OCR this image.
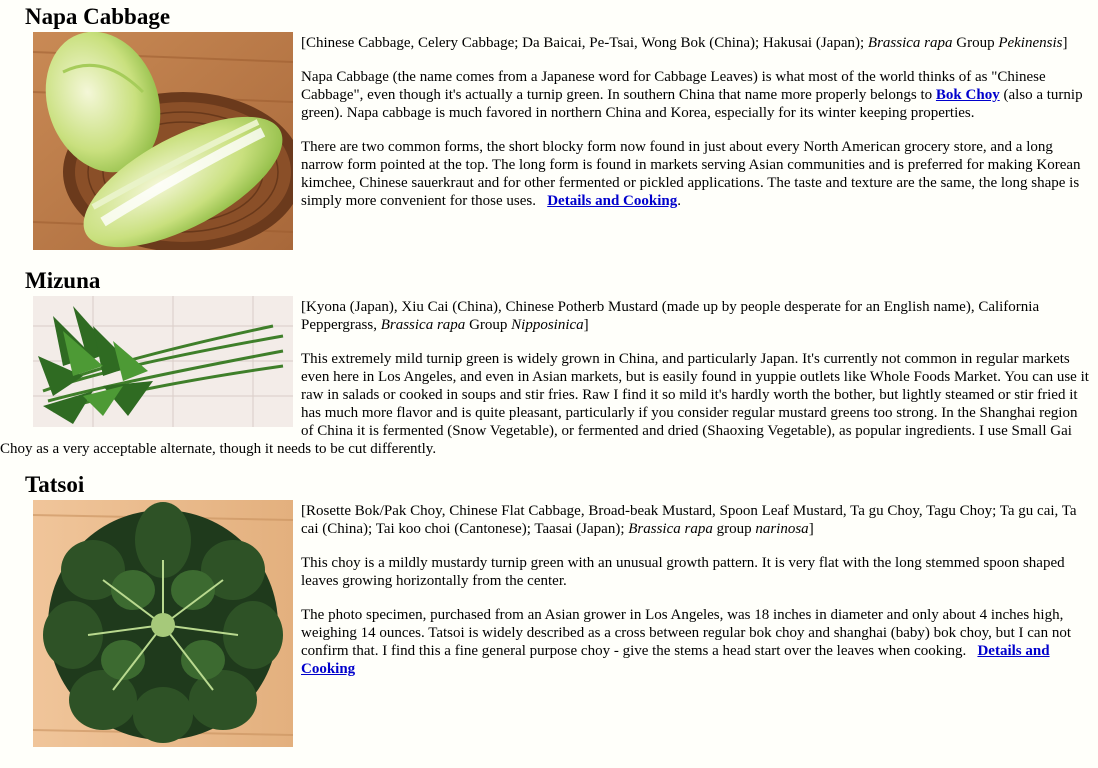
Napa Cabbage

[Chinese Cabbage, Celery Cabbage; Da Baicai, Pe-Tsai, Wong Bok (China); Hakusai (Japan); Brassica rapa Group Pekinensis]

Napa Cabbage (the name comes from a Japanese word for Cabbage Leaves) is what most of the world thinks of as "Chinese Cabbage", even though it's actually a turnip green. In southern China that name more properly belongs to Bok Choy (also a turnip green). Napa cabbage is much favored in northern China and Korea, especially for its winter keeping properties.

There are two common forms, the short blocky form now found in just about every North American grocery store, and a long narrow form pointed at the top. The long form is found in markets serving Asian communities and is preferred for making Korean kimchee, Chinese sauerkraut and for other fermented or pickled applications. The taste and texture are the same, the long shape is simply more convenient for those uses. Details and Cooking.

Mizuna

[Kyona (Japan), Xiu Cai (China), Chinese Potherb Mustard (made up by people desperate for an English name), California Peppergrass, Brassica rapa Group Nipposinica]

This extremely mild turnip green is widely grown in China, and particularly Japan. It's currently not common in regular markets even here in Los Angeles, and even in Asian markets, but is easily found in yuppie outlets like Whole Foods Market. You can use it raw in salads or cooked in soups and stir fries. Raw I find it so mild it's hardly worth the bother, but lightly steamed or stir fried it has much more flavor and is quite pleasant, particularly if you consider regular mustard greens too strong. In the Shanghai region of China it is fermented (Snow Vegetable), or fermented and dried (Shaoxing Vegetable), as popular ingredients. I use Small Gai Choy as a very acceptable alternate, though it needs to be cut differently.

Tatsoi

[Rosette Bok/Pak Choy, Chinese Flat Cabbage, Broad-beak Mustard, Spoon Leaf Mustard, Ta gu Choy, Tagu Choy; Ta gu cai, Ta cai (China); Tai koo choi (Cantonese); Taasai (Japan); Brassica rapa group narinosa]

This choy is a mildly mustardy turnip green with an unusual growth pattern. It is very flat with the long stemmed spoon shaped leaves growing horizontally from the center.

The photo specimen, purchased from an Asian grower in Los Angeles, was 18 inches in diameter and only about 4 inches high, weighing 14 ounces. Tatsoi is widely described as a cross between regular bok choy and shanghai (baby) bok choy, but I can not confirm that. I find this a fine general purpose choy - give the stems a head start over the leaves when cooking. Details and Cooking
